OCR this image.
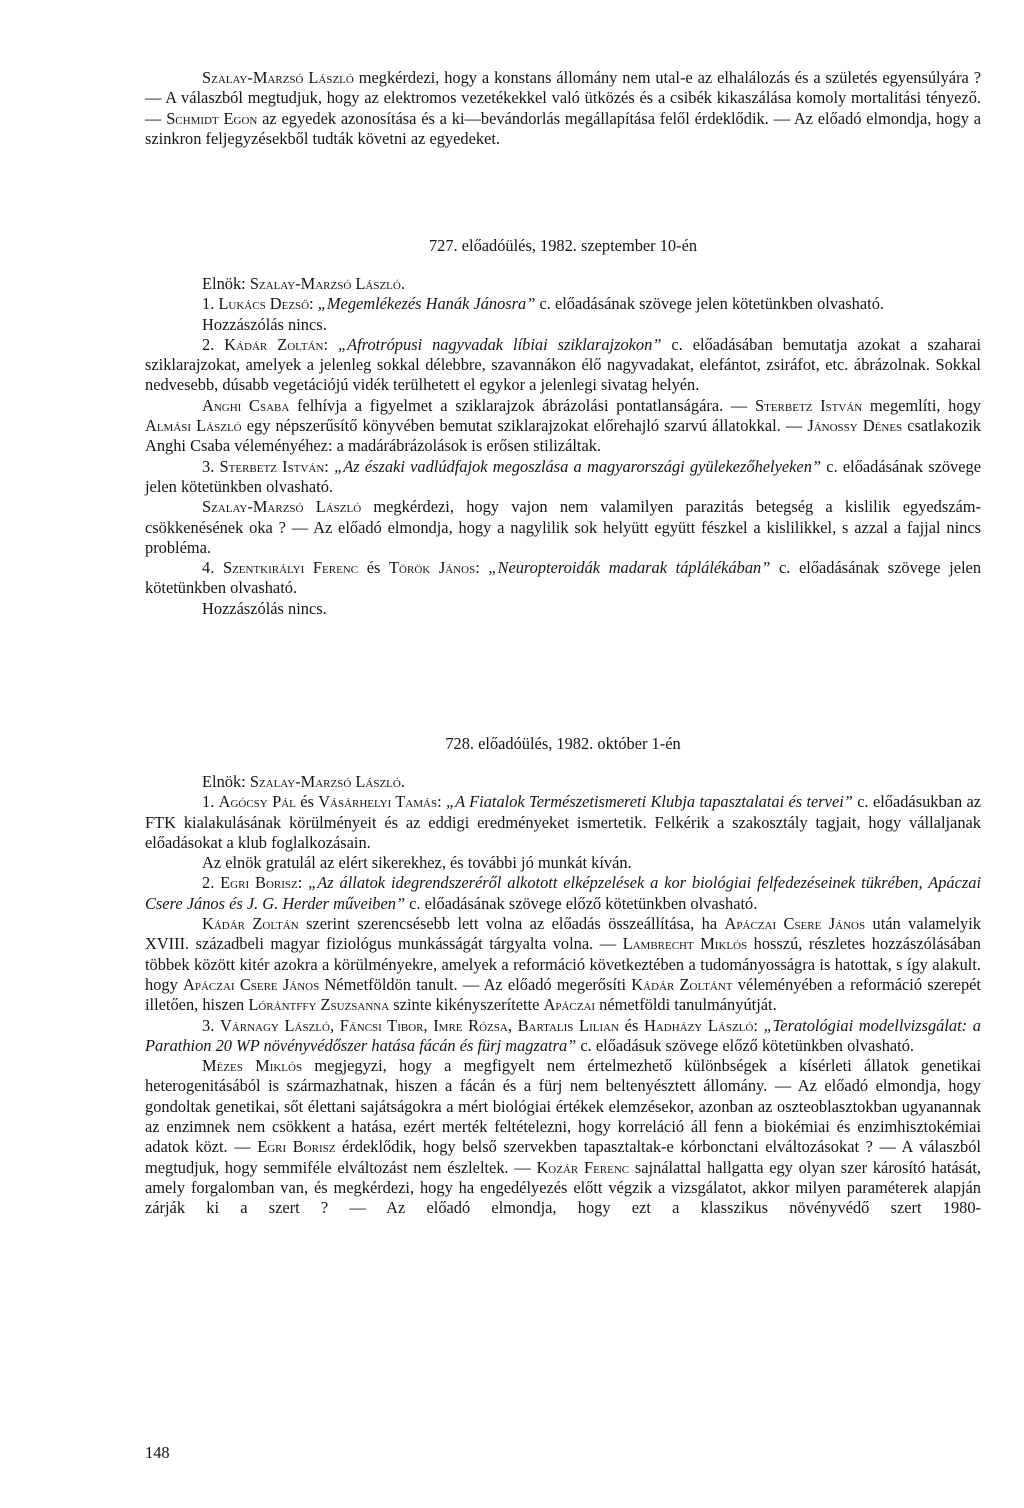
Szalay-Marzsó László megkérdezi, hogy a konstans állomány nem utal-e az elhalálozás és a születés egyensúlyára ? — A válaszból megtudjuk, hogy az elektromos vezetékekkel való ütközés és a csibék kikaszálása komoly mortalitási tényező. — Schmidt Egon az egyedek azonosítása és a ki—bevándorlás megállapítása felől érdeklődik. — Az előadó elmondja, hogy a szinkron feljegyzésekből tudták követni az egyedeket.

727. előadóülés, 1982. szeptember 10-én

Elnök: Szalay-Marzsó László.

1. Lukács Dezső: „Megemlékezés Hanák Jánosra” c. előadásának szövege jelen kötetünkben olvasható.

Hozzászólás nincs.

2. Kádár Zoltán: „Afrotrópusi nagyvadak líbiai sziklarajzokon” c. előadásában bemutatja azokat a szaharai sziklarajzokat, amelyek a jelenleg sokkal délebbre, szavannákon élő nagyvadakat, elefántot, zsiráfot, etc. ábrázolnak. Sokkal nedvesebb, dúsabb vegetációjú vidék terülhetett el egykor a jelenlegi sivatag helyén.

Anghi Csaba felhívja a figyelmet a sziklarajzok ábrázolási pontatlanságára. — Sterbetz István megemlíti, hogy Almási László egy népszerűsítő könyvében bemutat sziklarajzokat előrehajló szarvú állatokkal. — Jánossy Dénes csatlakozik Anghi Csaba véleményéhez: a madárábrázolások is erősen stilizáltak.

3. Sterbetz István: „Az északi vadlúdfajok megoszlása a magyarországi gyülekezőhelyeken” c. előadásának szövege jelen kötetünkben olvasható.

Szalay-Marzsó László megkérdezi, hogy vajon nem valamilyen parazitás betegség a kislilik egyedszám-csökkenésének oka ? — Az előadó elmondja, hogy a nagylilik sok helyütt együtt fészkel a kislilikkel, s azzal a fajjal nincs probléma.

4. Szentkirályi Ferenc és Török János: „Neuropteroidák madarak táplálékában” c. előadásának szövege jelen kötetünkben olvasható.

Hozzászólás nincs.

728. előadóülés, 1982. október 1-én

Elnök: Szalay-Marzsó László.

1. Agócsy Pál és Vásárhelyi Tamás: „A Fiatalok Természetismereti Klubja tapasztalatai és tervei” c. előadásukban az FTK kialakulásának körülményeit és az eddigi eredményeket ismertetik. Felkérik a szakosztály tagjait, hogy vállaljanak előadásokat a klub foglalkozásain.

Az elnök gratulál az elért sikerekhez, és további jó munkát kíván.

2. Egri Borisz: „Az állatok idegrendszeréről alkotott elképzelések a kor biológiai felfedezéseinek tükrében, Apáczai Csere János és J. G. Herder műveiben” c. előadásának szövege előző kötetünkben olvasható.

Kádár Zoltán szerint szerencsésebb lett volna az előadás összeállítása, ha Apáczai Csere János után valamelyik XVIII. századbeli magyar fiziológus munkásságát tárgyalta volna. — Lambrecht Miklós hosszú, részletes hozzászólásában többek között kitér azokra a körülményekre, amelyek a reformáció következtében a tudományosságra is hatottak, s így alakult. hogy Apáczai Csere János Németföldön tanult. — Az előadó megerősíti Kádár Zoltánt véleményében a reformáció szerepét illetően, hiszen Lórántffy Zsuzsanna szinte kikényszerítette Apáczai németföldi tanulmányútját.

3. Várnagy László, Fáncsi Tibor, Imre Rózsa, Bartalis Lilian és Hadházy László: „Teratológiai modellvizsgálat: a Parathion 20 WP növényvédőszer hatása fácán és fürj magzatra” c. előadásuk szövege előző kötetünkben olvasható.

Mézes Miklós megjegyzi, hogy a megfigyelt nem értelmezhető különbségek a kísérleti állatok genetikai heterogenitásából is származhatnak, hiszen a fácán és a fürj nem beltenyésztett állomány. — Az előadó elmondja, hogy gondoltak genetikai, sőt élettani sajátságokra a mért biológiai értékek elemzésekor, azonban az oszteoblasztokban ugyanannak az enzimnek nem csökkent a hatása, ezért merték feltételezni, hogy korreláció áll fenn a biokémiai és enzimhisztokémiai adatok közt. — Egri Borisz érdeklődik, hogy belső szervekben tapasztaltak-e kórbonctani elváltozásokat ? — A válaszból megtudjuk, hogy semmiféle elváltozást nem észleltek. — Kozár Ferenc sajnálattal hallgatta egy olyan szer károsító hatását, amely forgalomban van, és megkérdezi, hogy ha engedélyezés előtt végzik a vizsgálatot, akkor milyen paraméterek alapján zárják ki a szert ? — Az előadó elmondja, hogy ezt a klasszikus növényvédő szert 1980-

148
